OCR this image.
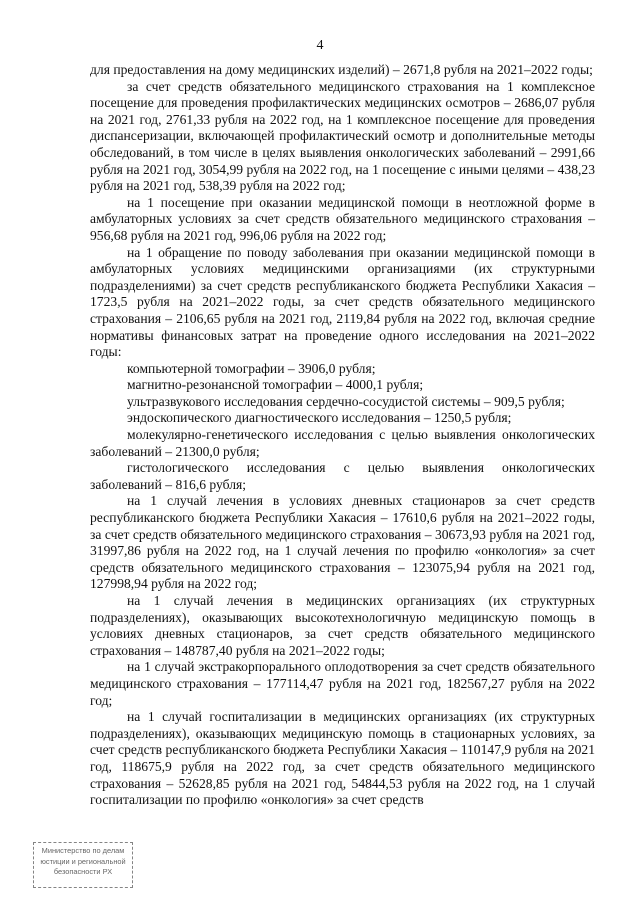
4

для предоставления на дому медицинских изделий) – 2671,8 рубля на 2021–2022 годы;

за счет средств обязательного медицинского страхования на 1 комплексное посещение для проведения профилактических медицинских осмотров – 2686,07 рубля на 2021 год, 2761,33 рубля на 2022 год, на 1 комплексное посещение для проведения диспансеризации, включающей профилактический осмотр и дополнительные методы обследований, в том числе в целях выявления онкологических заболеваний – 2991,66 рубля на 2021 год, 3054,99 рубля на 2022 год, на 1 посещение с иными целями – 438,23 рубля на 2021 год, 538,39 рубля на 2022 год;

на 1 посещение при оказании медицинской помощи в неотложной форме в амбулаторных условиях за счет средств обязательного медицинского страхования – 956,68 рубля на 2021 год, 996,06 рубля на 2022 год;

на 1 обращение по поводу заболевания при оказании медицинской помощи в амбулаторных условиях медицинскими организациями (их структурными подразделениями) за счет средств республиканского бюджета Республики Хакасия – 1723,5 рубля на 2021–2022 годы, за счет средств обязательного медицинского страхования – 2106,65 рубля на 2021 год, 2119,84 рубля на 2022 год, включая средние нормативы финансовых затрат на проведение одного исследования на 2021–2022 годы:

компьютерной томографии – 3906,0 рубля;

магнитно-резонансной томографии – 4000,1 рубля;

ультразвукового исследования сердечно-сосудистой системы – 909,5 рубля;

эндоскопического диагностического исследования – 1250,5 рубля;

молекулярно-генетического исследования с целью выявления онкологических заболеваний – 21300,0 рубля;

гистологического исследования с целью выявления онкологических заболеваний – 816,6 рубля;

на 1 случай лечения в условиях дневных стационаров за счет средств республиканского бюджета Республики Хакасия – 17610,6 рубля на 2021–2022 годы, за счет средств обязательного медицинского страхования – 30673,93 рубля на 2021 год, 31997,86 рубля на 2022 год, на 1 случай лечения по профилю «онкология» за счет средств обязательного медицинского страхования – 123075,94 рубля на 2021 год, 127998,94 рубля на 2022 год;

на 1 случай лечения в медицинских организациях (их структурных подразделениях), оказывающих высокотехнологичную медицинскую помощь в условиях дневных стационаров, за счет средств обязательного медицинского страхования – 148787,40 рубля на 2021–2022 годы;

на 1 случай экстракорпорального оплодотворения за счет средств обязательного медицинского страхования – 177114,47 рубля на 2021 год, 182567,27 рубля на 2022 год;

на 1 случай госпитализации в медицинских организациях (их структурных подразделениях), оказывающих медицинскую помощь в стационарных условиях, за счет средств республиканского бюджета Республики Хакасия – 110147,9 рубля на 2021 год, 118675,9 рубля на 2022 год, за счет средств обязательного медицинского страхования – 52628,85 рубля на 2021 год, 54844,53 рубля на 2022 год, на 1 случай госпитализации по профилю «онкология» за счет средств

Министерство по делам
юстиции и региональной
безопасности РХ
